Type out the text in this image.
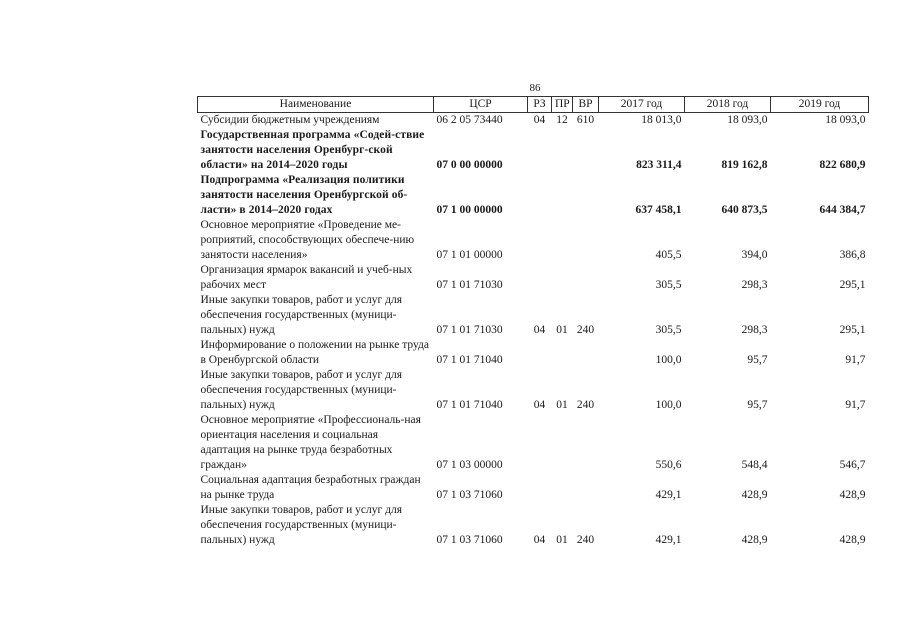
86
Наименование	ЦСР	РЗ	ПР	ВР	2017 год	2018 год	2019 год
Субсидии бюджетным учреждениям	06 2 05 73440	04	12	610	18 013,0	18 093,0	18 093,0
Государственная программа «Содей-ствие занятости населения Оренбург-ской области» на 2014–2020 годы	07 0 00 00000				823 311,4	819 162,8	822 680,9
Подпрограмма «Реализация политики занятости населения Оренбургской об-ласти» в 2014–2020 годах	07 1 00 00000				637 458,1	640 873,5	644 384,7
Основное мероприятие «Проведение ме-роприятий, способствующих обеспече-нию занятости населения»	07 1 01 00000				405,5	394,0	386,8
Организация ярмарок вакансий и учеб-ных рабочих мест	07 1 01 71030				305,5	298,3	295,1
Иные закупки товаров, работ и услуг для обеспечения государственных (муници-пальных) нужд	07 1 01 71030	04	01	240	305,5	298,3	295,1
Информирование о положении на рынке труда в Оренбургской области	07 1 01 71040				100,0	95,7	91,7
Иные закупки товаров, работ и услуг для обеспечения государственных (муници-пальных) нужд	07 1 01 71040	04	01	240	100,0	95,7	91,7
Основное мероприятие «Профессиональ-ная ориентация населения и социальная адаптация на рынке труда безработных граждан»	07 1 03 00000				550,6	548,4	546,7
Социальная адаптация безработных граждан на рынке труда	07 1 03 71060				429,1	428,9	428,9
Иные закупки товаров, работ и услуг для обеспечения государственных (муници-пальных) нужд	07 1 03 71060	04	01	240	429,1	428,9	428,9
